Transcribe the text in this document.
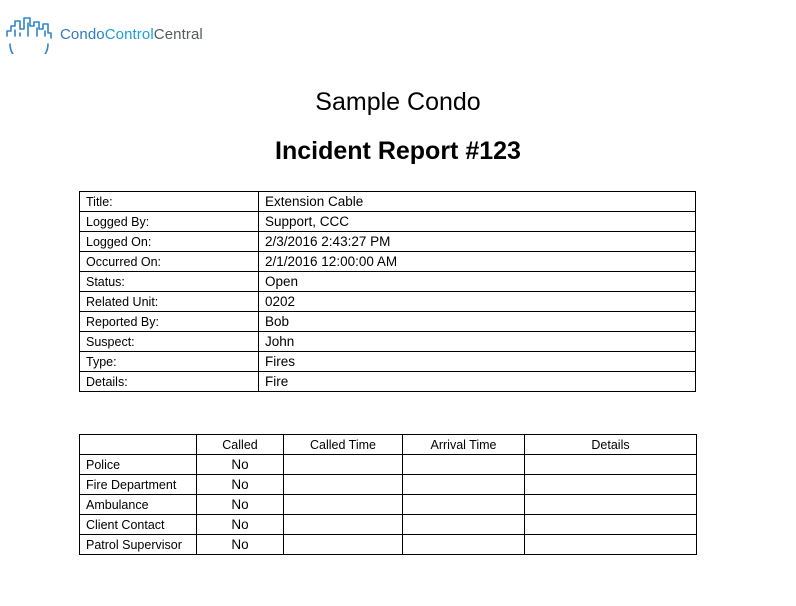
CondoControlCentral
Sample Condo
Incident Report #123
Title:	Extension Cable
Logged By:	Support, CCC
Logged On:	2/3/2016 2:43:27 PM
Occurred On:	2/1/2016 12:00:00 AM
Status:	Open
Related Unit:	0202
Reported By:	Bob
Suspect:	John
Type:	Fires
Details:	Fire
	Called	Called Time	Arrival Time	Details
Police	No			
Fire Department	No			
Ambulance	No			
Client Contact	No			
Patrol Supervisor	No			
